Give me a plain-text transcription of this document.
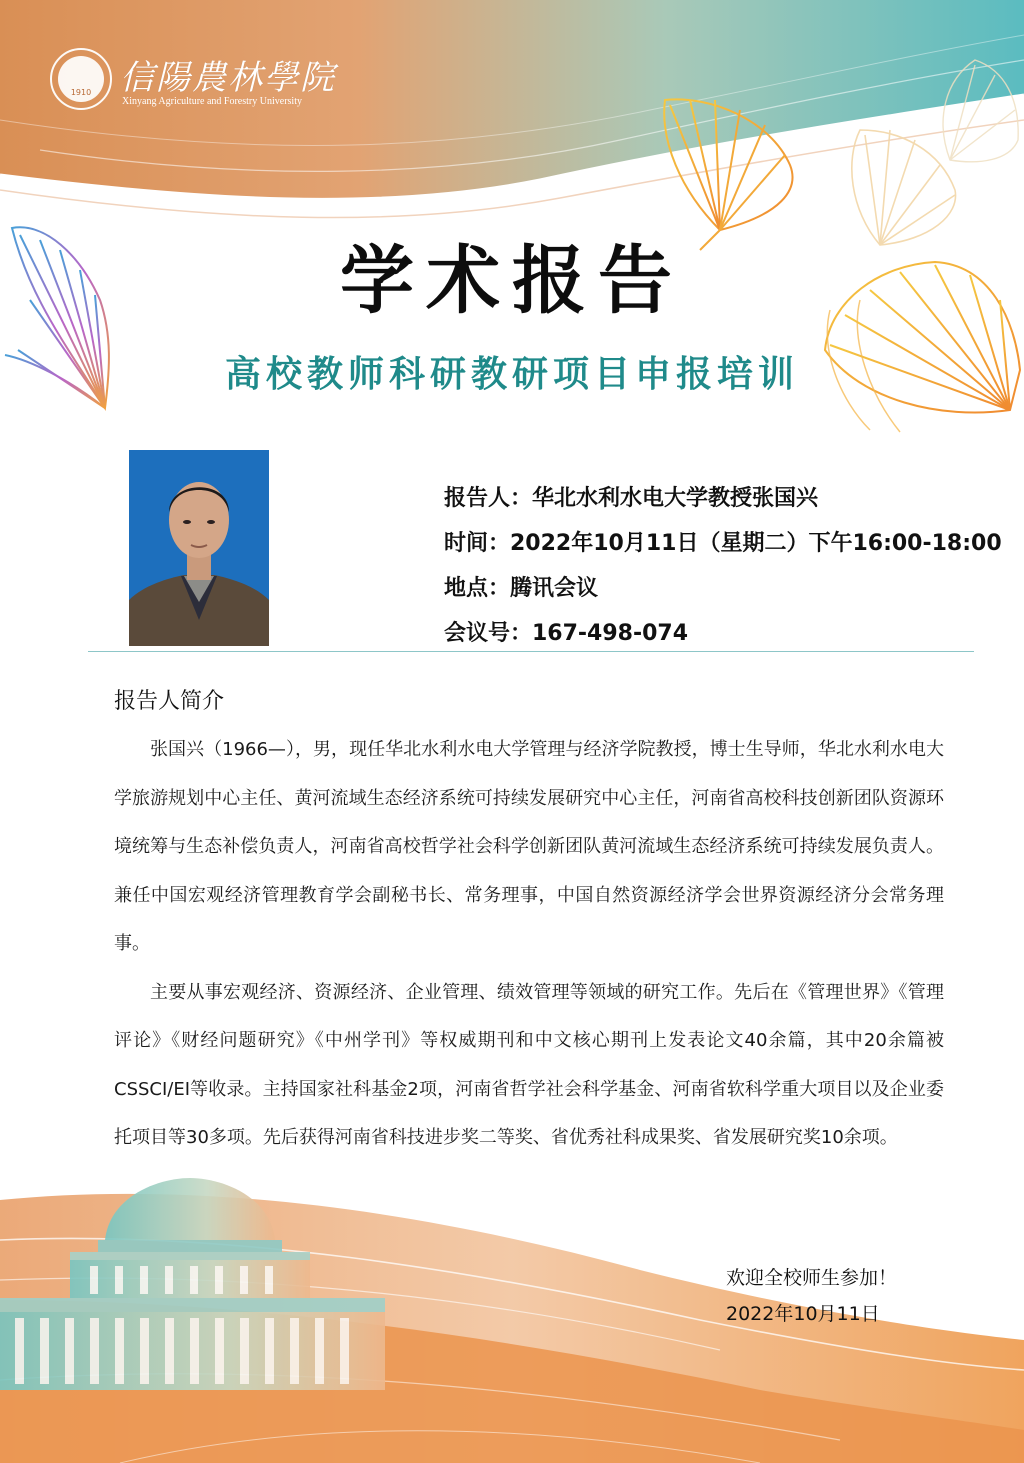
1910 信陽農林學院
Xinyang Agriculture and Forestry University
学术报告
高校教师科研教研项目申报培训
报告人：华北水利水电大学教授张国兴
时间：2022年10月11日（星期二）下午16:00-18:00
地点：腾讯会议
会议号：167-498-074
报告人简介

张国兴（1966—），男，现任华北水利水电大学管理与经济学院教授，博士生导师，华北水利水电大学旅游规划中心主任、黄河流域生态经济系统可持续发展研究中心主任，河南省高校科技创新团队资源环境统筹与生态补偿负责人，河南省高校哲学社会科学创新团队黄河流域生态经济系统可持续发展负责人。兼任中国宏观经济管理教育学会副秘书长、常务理事，中国自然资源经济学会世界资源经济分会常务理事。

主要从事宏观经济、资源经济、企业管理、绩效管理等领域的研究工作。先后在《管理世界》《管理评论》《财经问题研究》《中州学刊》等权威期刊和中文核心期刊上发表论文40余篇，其中20余篇被CSSCI/EI等收录。主持国家社科基金2项，河南省哲学社会科学基金、河南省软科学重大项目以及企业委托项目等30多项。先后获得河南省科技进步奖二等奖、省优秀社科成果奖、省发展研究奖10余项。

欢迎全校师生参加！
2022年10月11日
